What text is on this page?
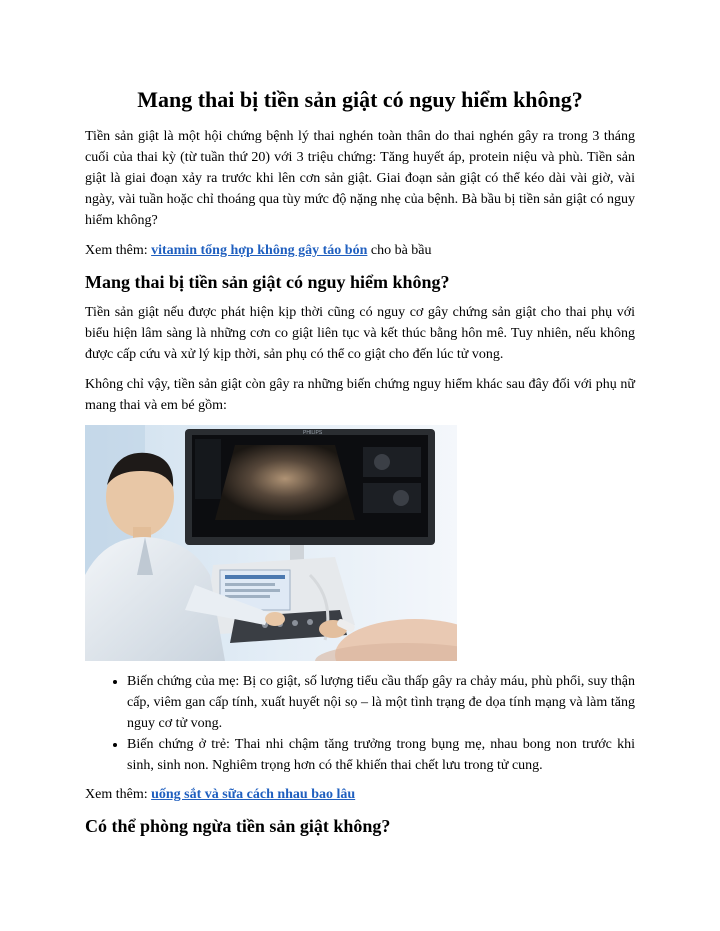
Mang thai bị tiền sản giật có nguy hiểm không?

Tiền sản giật là một hội chứng bệnh lý thai nghén toàn thân do thai nghén gây ra trong 3 tháng cuối của thai kỳ (từ tuần thứ 20) với 3 triệu chứng: Tăng huyết áp, protein niệu và phù. Tiền sản giật là giai đoạn xảy ra trước khi lên cơn sản giật. Giai đoạn sản giật có thể kéo dài vài giờ, vài ngày, vài tuần hoặc chỉ thoáng qua tùy mức độ nặng nhẹ của bệnh. Bà bầu bị tiền sản giật có nguy hiểm không?

Xem thêm: vitamin tổng hợp không gây táo bón cho bà bầu

Mang thai bị tiền sản giật có nguy hiểm không?

Tiền sản giật nếu được phát hiện kịp thời cũng có nguy cơ gây chứng sản giật cho thai phụ với biểu hiện lâm sàng là những cơn co giật liên tục và kết thúc bằng hôn mê. Tuy nhiên, nếu không được cấp cứu và xử lý kịp thời, sản phụ có thể co giật cho đến lúc tử vong.

Không chỉ vậy, tiền sản giật còn gây ra những biến chứng nguy hiểm khác sau đây đối với phụ nữ mang thai và em bé gồm:

PHILIPS
• Biến chứng của mẹ: Bị co giật, số lượng tiểu cầu thấp gây ra chảy máu, phù phổi, suy thận cấp, viêm gan cấp tính, xuất huyết nội sọ – là một tình trạng đe dọa tính mạng và làm tăng nguy cơ tử vong.
• Biến chứng ở trẻ: Thai nhi chậm tăng trưởng trong bụng mẹ, nhau bong non trước khi sinh, sinh non. Nghiêm trọng hơn có thể khiến thai chết lưu trong tử cung.

Xem thêm: uống sắt và sữa cách nhau bao lâu

Có thể phòng ngừa tiền sản giật không?
